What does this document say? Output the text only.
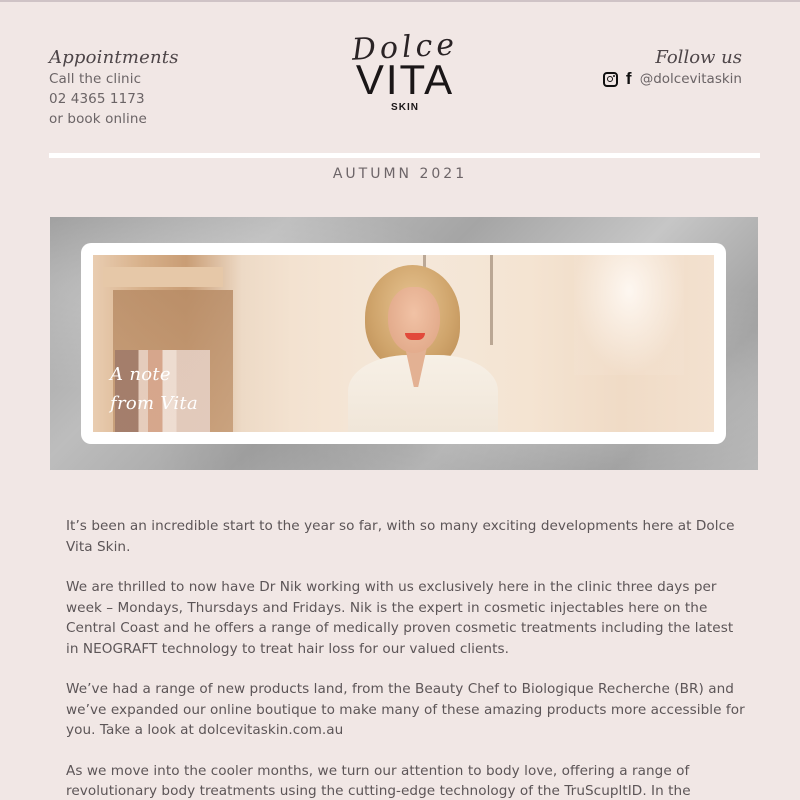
Appointments
Call the clinic
02 4365 1173
or book online
Dolce
VITA
SKIN
Follow us
f @dolcevitaskin
AUTUMN 2021
A note
from Vita

It’s been an incredible start to the year so far, with so many exciting developments here at Dolce Vita Skin.

We are thrilled to now have Dr Nik working with us exclusively here in the clinic three days per week – Mondays, Thursdays and Fridays. Nik is the expert in cosmetic injectables here on the Central Coast and he offers a range of medically proven cosmetic treatments including the latest in NEOGRAFT technology to treat hair loss for our valued clients.

We’ve had a range of new products land, from the Beauty Chef to Biologique Recherche (BR) and we’ve expanded our online boutique to make many of these amazing products more accessible for you. Take a look at dolcevitaskin.com.au

As we move into the cooler months, we turn our attention to body love, offering a range of revolutionary body treatments using the cutting-edge technology of the TruScupltID. In the
